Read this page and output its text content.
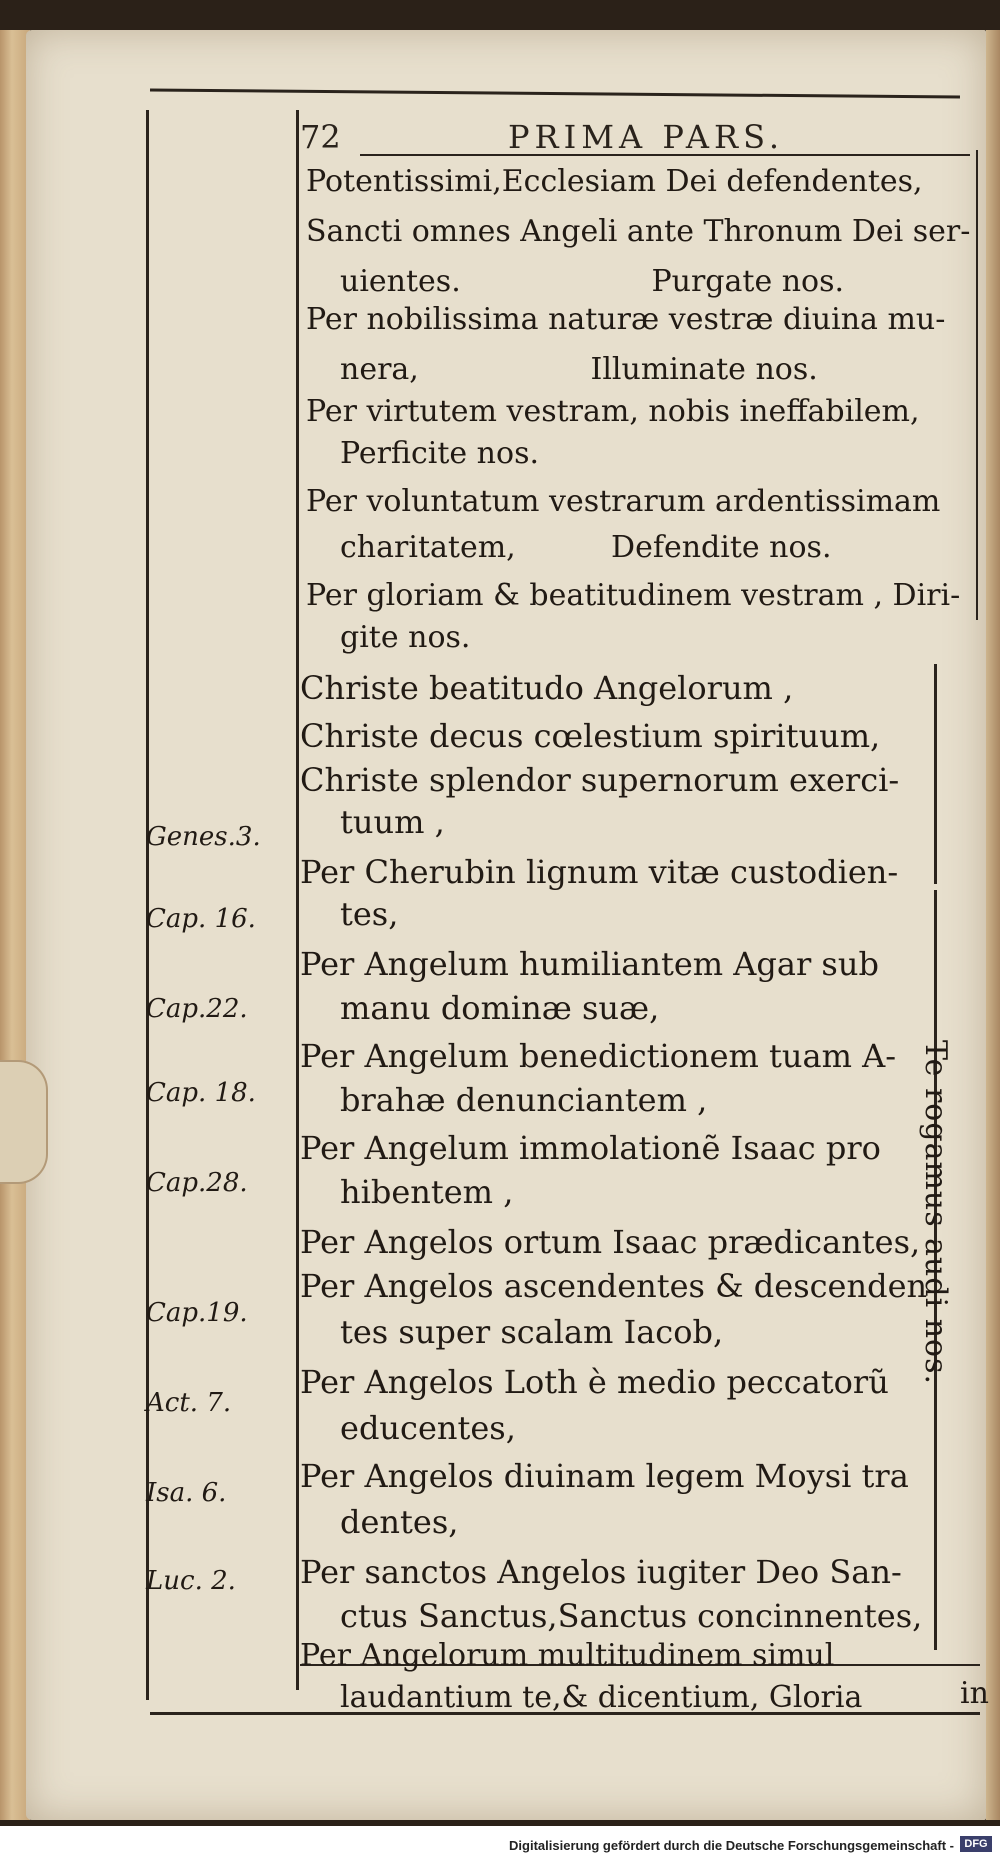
72	PRIMA PARS.
Potentissimi,Ecclesiam Dei defendentes,
Sancti omnes Angeli ante Thronum Dei ser-
uientes.                    Purgate nos.
Per nobilissima naturæ vestræ diuina mu-
nera,                  Illuminate nos.
Per virtutem vestram, nobis ineffabilem,
Perficite nos.
Per voluntatum vestrarum ardentissimam
charitatem,          Defendite nos.
Per gloriam & beatitudinem vestram , Diri-
gite nos.
Christe beatitudo Angelorum ,
Christe decus cœlestium spirituum,
Christe splendor supernorum exerci-
tuum ,
Per Cherubin lignum vitæ custodien-
tes,
Per Angelum humiliantem Agar sub
manu dominæ suæ,
Per Angelum benedictionem tuam A-
brahæ denunciantem ,
Per Angelum immolationẽ Isaac pro
hibentem ,
Per Angelos ortum Isaac prædicantes,
Per Angelos ascendentes & descenden
tes super scalam Iacob,
Per Angelos Loth è medio peccatorũ
educentes,
Per Angelos diuinam legem Moysi tra
dentes,
Per sanctos Angelos iugiter Deo San-
ctus Sanctus,Sanctus concinnentes,
Per Angelorum multitudinem simul
laudantium te,& dicentium, Gloria
Genes.3.
Cap. 16.
Cap.22.
Cap. 18.
Cap.28.
Cap.19.
Act. 7.
Isa. 6.
Luc. 2.
Te rogamus audi nos.
in
Digitalisierung gefördert durch die Deutsche Forschungsgemeinschaft - DFG
